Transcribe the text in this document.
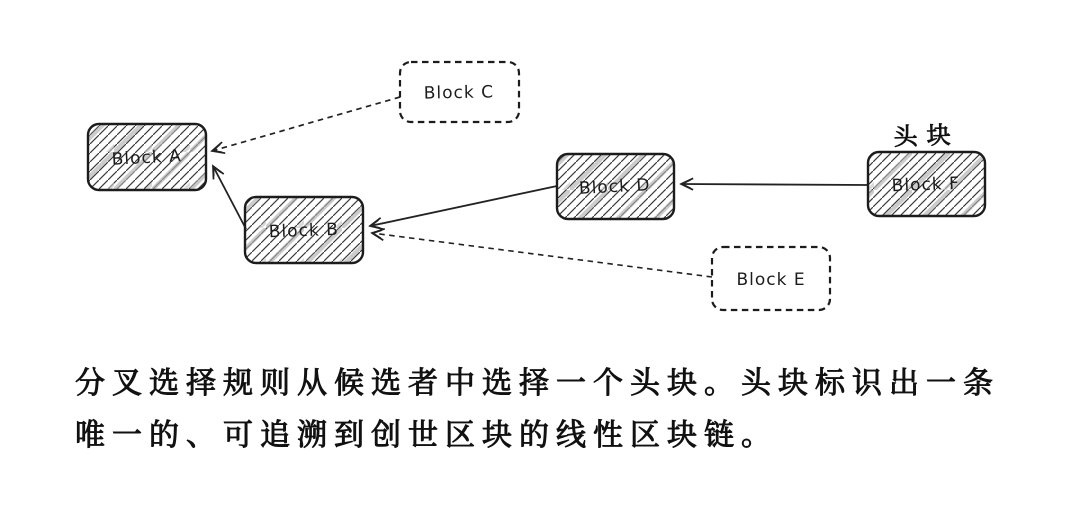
Block A
Block B
Block C
Block D
Block E
Block F
头块
分叉选择规则从候选者中选择一个头块。头块标识出一条
唯一的、可追溯到创世区块的线性区块链。
